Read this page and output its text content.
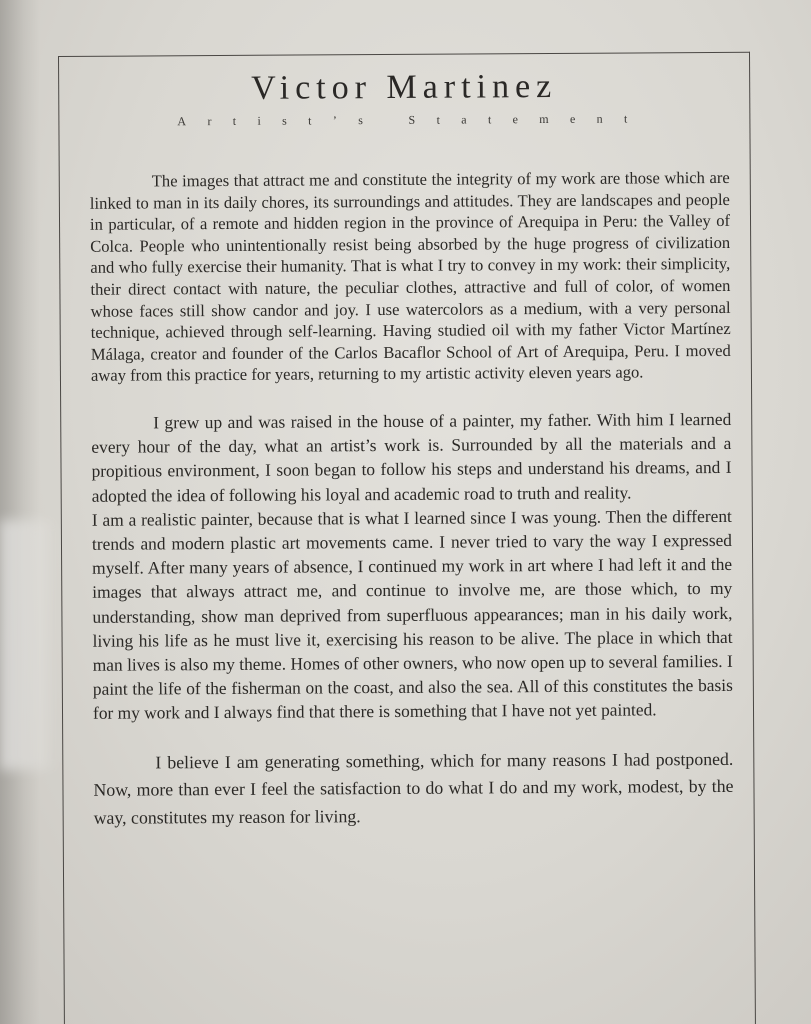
Victor Martinez
A r t i s t ’ s
	S t a t e m e n t

The images that attract me and constitute the integrity of my work are those which are linked to man in its daily chores, its surroundings and attitudes. They are landscapes and people in particular, of a remote and hidden region in the province of Arequipa in Peru: the Valley of Colca. People who unintentionally resist being absorbed by the huge progress of civilization and who fully exercise their humanity. That is what I try to convey in my work: their simplicity, their direct contact with nature, the peculiar clothes, attractive and full of color, of women whose faces still show candor and joy. I use watercolors as a medium, with a very personal technique, achieved through self-learning. Having studied oil with my father Victor Martínez Málaga, creator and founder of the Carlos Bacaflor School of Art of Arequipa, Peru. I moved away from this practice for years, returning to my artistic activity eleven years ago.

I grew up and was raised in the house of a painter, my father. With him I learned every hour of the day, what an artist’s work is. Surrounded by all the materials and a propitious environment, I soon began to follow his steps and understand his dreams, and I adopted the idea of following his loyal and academic road to truth and reality.

I am a realistic painter, because that is what I learned since I was young. Then the different trends and modern plastic art movements came. I never tried to vary the way I expressed myself. After many years of absence, I continued my work in art where I had left it and the images that always attract me, and continue to involve me, are those which, to my understanding, show man deprived from superfluous appearances; man in his daily work, living his life as he must live it, exercising his reason to be alive. The place in which that man lives is also my theme. Homes of other owners, who now open up to several families. I paint the life of the fisherman on the coast, and also the sea. All of this constitutes the basis for my work and I always find that there is something that I have not yet painted.

I believe I am generating something, which for many reasons I had postponed. Now, more than ever I feel the satisfaction to do what I do and my work, modest, by the way, constitutes my reason for living.
